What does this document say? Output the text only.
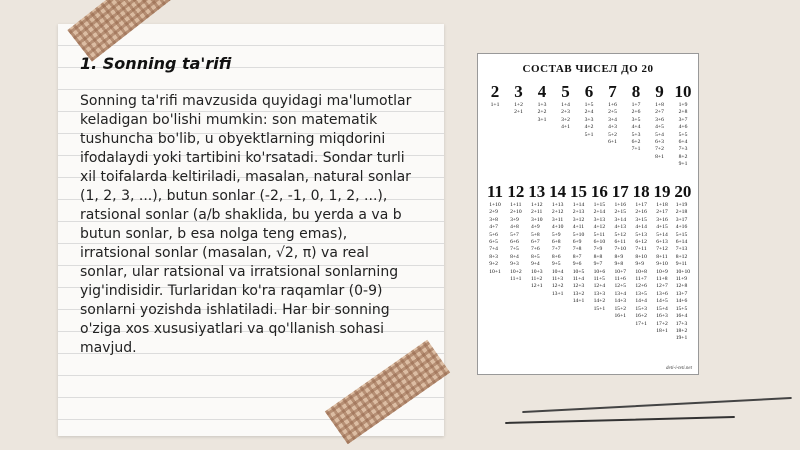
1. Sonning ta'rifi

Sonning ta'rifi mavzusida quyidagi ma'lumotlar keladigan bo'lishi mumkin: son matematik tushuncha bo'lib, u obyektlarning miqdorini ifodalaydi yoki tartibini ko'rsatadi. Sondar turli xil toifalarda keltiriladi, masalan, natural sonlar (1, 2, 3, ...), butun sonlar (-2, -1, 0, 1, 2, ...), ratsional sonlar (a/b shaklida, bu yerda a va b butun sonlar, b esa nolga teng emas), irratsional sonlar (masalan, √2, π) va real sonlar, ular ratsional va irratsional sonlarning yig'indisidir. Turlaridan ko'ra raqamlar (0-9) sonlarni yozishda ishlatiladi. Har bir sonning o'ziga xos xususiyatlari va qo'llanish sohasi mavjud.

СОСТАВ ЧИСЕЛ ДО 20
2
1+1
3
1+2
2+1
4
1+3
2+2
3+1
5
1+4
2+3
3+2
4+1
6
1+5
2+4
3+3
4+2
5+1
7
1+6
2+5
3+4
4+3
5+2
6+1
8
1+7
2+6
3+5
4+4
5+3
6+2
7+1
9
1+8
2+7
3+6
4+5
5+4
6+3
7+2
8+1
10
1+9
2+8
3+7
4+6
5+5
6+4
7+3
8+2
9+1
11
1+10
2+9
3+8
4+7
5+6
6+5
7+4
8+3
9+2
10+1
12
1+11
2+10
3+9
4+8
5+7
6+6
7+5
8+4
9+3
10+2
11+1
13
1+12
2+11
3+10
4+9
5+8
6+7
7+6
8+5
9+4
10+3
11+2
12+1
14
1+13
2+12
3+11
4+10
5+9
6+8
7+7
8+6
9+5
10+4
11+3
12+2
13+1
15
1+14
2+13
3+12
4+11
5+10
6+9
7+8
8+7
9+6
10+5
11+4
12+3
13+2
14+1
16
1+15
2+14
3+13
4+12
5+11
6+10
7+9
8+8
9+7
10+6
11+5
12+4
13+3
14+2
15+1
17
1+16
2+15
3+14
4+13
5+12
6+11
7+10
8+9
9+8
10+7
11+6
12+5
13+4
14+3
15+2
16+1
18
1+17
2+16
3+15
4+14
5+13
6+12
7+11
8+10
9+9
10+8
11+7
12+6
13+5
14+4
15+3
16+2
17+1
19
1+18
2+17
3+16
4+15
5+14
6+13
7+12
8+11
9+10
10+9
11+8
12+7
13+6
14+5
15+4
16+3
17+2
18+1
20
1+19
2+18
3+17
4+16
5+15
6+14
7+13
8+12
9+11
10+10
11+9
12+8
13+7
14+6
15+5
16+4
17+3
18+2
19+1
deti-i-teti.net
